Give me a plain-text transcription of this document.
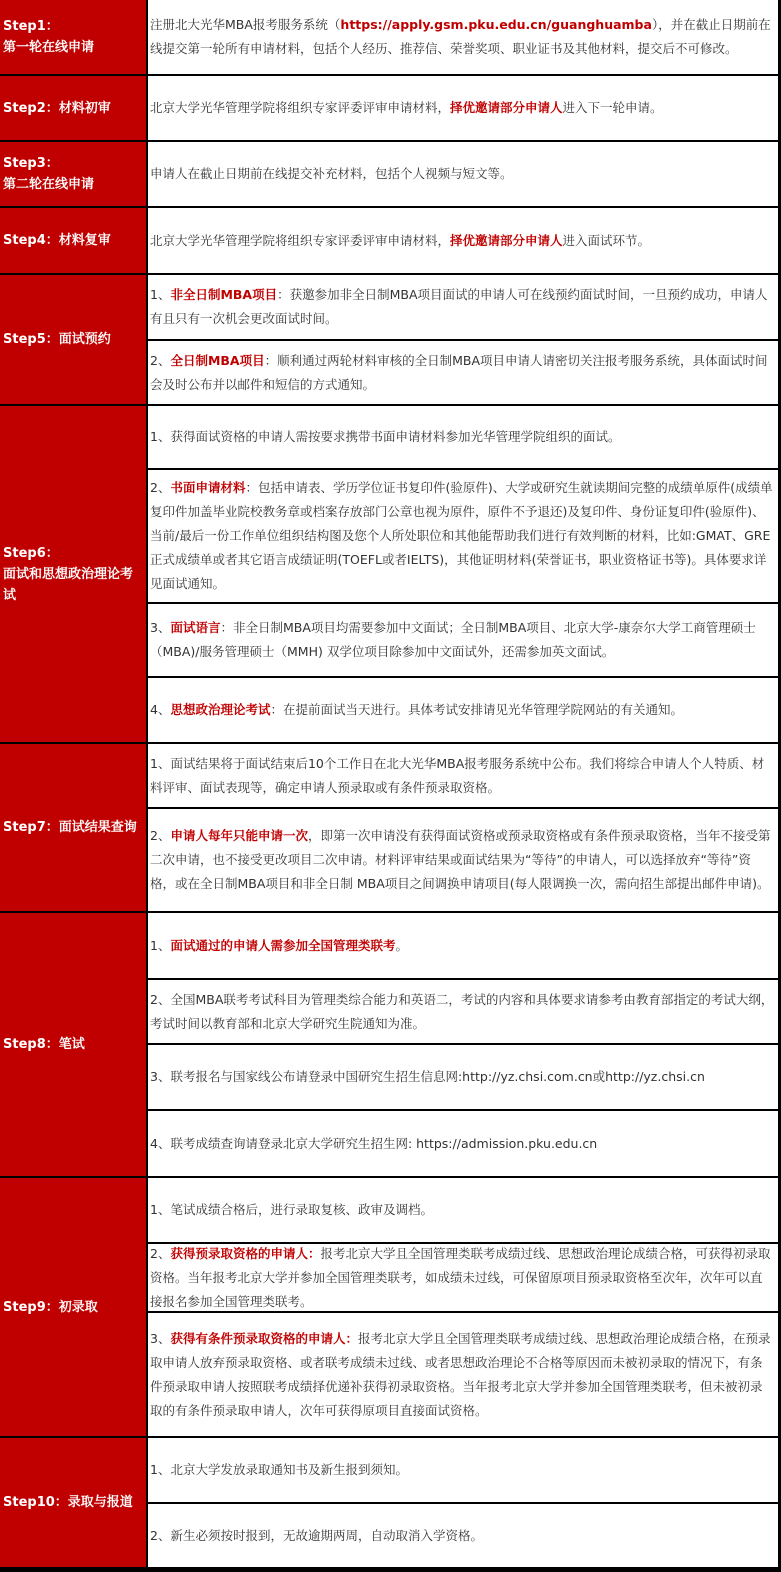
Step1：
第一轮在线申请

注册北大光华MBA报考服务系统（https://apply.gsm.pku.edu.cn/guanghuamba），并在截止日期前在线提交第一轮所有申请材料，包括个人经历、推荐信、荣誉奖项、职业证书及其他材料，提交后不可修改。

Step2：材料初审	北京大学光华管理学院将组织专家评委评审申请材料，择优邀请部分申请人进入下一轮申请。

Step3：
第二轮在线申请

申请人在截止日期前在线提交补充材料，包括个人视频与短文等。

Step4：材料复审	北京大学光华管理学院将组织专家评委评审申请材料，择优邀请部分申请人进入面试环节。

Step5：面试预约

1、非全日制MBA项目：获邀参加非全日制MBA项目面试的申请人可在线预约面试时间，一旦预约成功，申请人有且只有一次机会更改面试时间。

2、全日制MBA项目：顺利通过两轮材料审核的全日制MBA项目申请人请密切关注报考服务系统，具体面试时间会及时公布并以邮件和短信的方式通知。

Step6：
面试和思想政治理论考试

1、获得面试资格的申请人需按要求携带书面申请材料参加光华管理学院组织的面试。

2、书面申请材料：包括申请表、学历学位证书复印件(验原件)、大学或研究生就读期间完整的成绩单原件(成绩单复印件加盖毕业院校教务章或档案存放部门公章也视为原件，原件不予退还)及复印件、身份证复印件(验原件)、当前/最后一份工作单位组织结构图及您个人所处职位和其他能帮助我们进行有效判断的材料，比如:GMAT、GRE正式成绩单或者其它语言成绩证明(TOEFL或者IELTS)，其他证明材料(荣誉证书，职业资格证书等)。具体要求详见面试通知。

3、面试语言：非全日制MBA项目均需要参加中文面试；全日制MBA项目、北京大学-康奈尔大学工商管理硕士（MBA)/服务管理硕士（MMH) 双学位项目除参加中文面试外，还需参加英文面试。

4、思想政治理论考试：在提前面试当天进行。具体考试安排请见光华管理学院网站的有关通知。

Step7：面试结果查询

1、面试结果将于面试结束后10个工作日在北大光华MBA报考服务系统中公布。我们将综合申请人个人特质、材料评审、面试表现等，确定申请人预录取或有条件预录取资格。

2、申请人每年只能申请一次，即第一次申请没有获得面试资格或预录取资格或有条件预录取资格，当年不接受第二次申请，也不接受更改项目二次申请。材料评审结果或面试结果为“等待”的申请人，可以选择放弃“等待”资格，或在全日制MBA项目和非全日制 MBA项目之间调换申请项目(每人限调换一次，需向招生部提出邮件申请)。

Step8：笔试

1、面试通过的申请人需参加全国管理类联考。

2、全国MBA联考考试科目为管理类综合能力和英语二，考试的内容和具体要求请参考由教育部指定的考试大纲，考试时间以教育部和北京大学研究生院通知为准。

3、联考报名与国家线公布请登录中国研究生招生信息网:http://yz.chsi.com.cn或http://yz.chsi.cn

4、联考成绩查询请登录北京大学研究生招生网: https://admission.pku.edu.cn

Step9：初录取

1、笔试成绩合格后，进行录取复核、政审及调档。

2、获得预录取资格的申请人：报考北京大学且全国管理类联考成绩过线、思想政治理论成绩合格，可获得初录取资格。当年报考北京大学并参加全国管理类联考，如成绩未过线，可保留原项目预录取资格至次年，次年可以直接报名参加全国管理类联考。

3、获得有条件预录取资格的申请人：报考北京大学且全国管理类联考成绩过线、思想政治理论成绩合格，在预录取申请人放弃预录取资格、或者联考成绩未过线、或者思想政治理论不合格等原因而未被初录取的情况下，有条件预录取申请人按照联考成绩择优递补获得初录取资格。当年报考北京大学并参加全国管理类联考，但未被初录取的有条件预录取申请人，次年可获得原项目直接面试资格。

Step10：录取与报道

1、北京大学发放录取通知书及新生报到须知。

2、新生必须按时报到，无故逾期两周，自动取消入学资格。
